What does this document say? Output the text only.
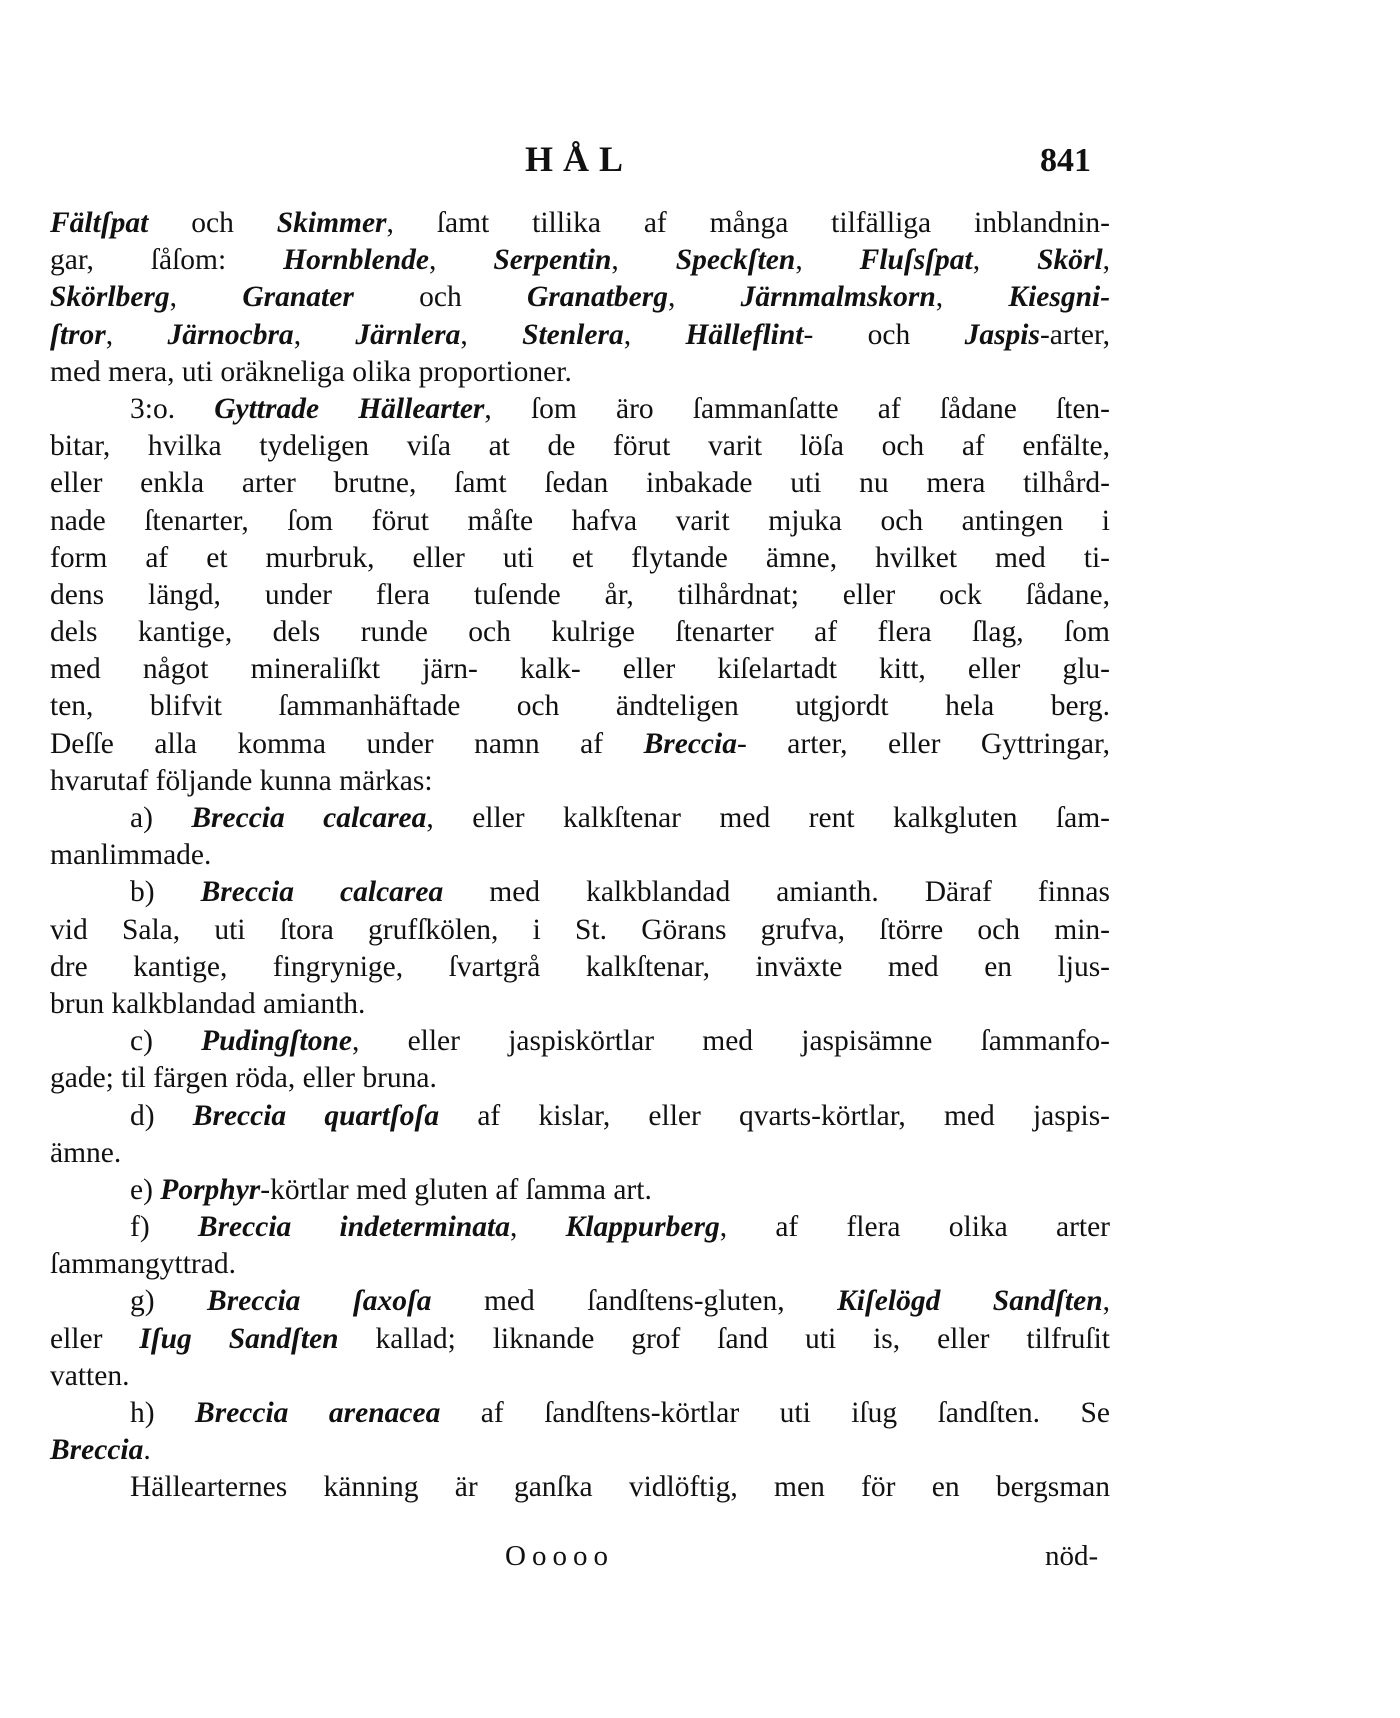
HÅL	841
Fältſpat och Skimmer, ſamt tillika af många tilfälliga inblandnin-
gar, ſåſom: Hornblende, Serpentin, Speckſten, Fluſsſpat, Skörl,
Skörlberg, Granater och Granatberg, Järnmalmskorn, Kiesgni-
ſtror, Järnocbra, Järnlera, Stenlera, Hälleflint- och Jaspis-arter,
med mera, uti oräkneliga olika proportioner.
3:o. Gyttrade Hällearter, ſom äro ſammanſatte af ſådane ſten-
bitar, hvilka tydeligen viſa at de förut varit löſa och af enfälte,
eller enkla arter brutne, ſamt ſedan inbakade uti nu mera tilhård-
nade ſtenarter, ſom förut måſte hafva varit mjuka och antingen i
form af et murbruk, eller uti et flytande ämne, hvilket med ti-
dens längd, under flera tuſende år, tilhårdnat; eller ock ſådane,
dels kantige, dels runde och kulrige ſtenarter af flera ſlag, ſom
med något mineraliſkt järn- kalk- eller kiſelartadt kitt, eller glu-
ten, blifvit ſammanhäftade och ändteligen utgjordt hela berg.
Deſſe alla komma under namn af Breccia- arter, eller Gyttringar,
hvarutaf följande kunna märkas:
a) Breccia calcarea, eller kalkſtenar med rent kalkgluten ſam-
manlimmade.
b) Breccia calcarea med kalkblandad amianth. Däraf finnas
vid Sala, uti ſtora grufſkölen, i St. Görans grufva, ſtörre och min-
dre kantige, fingrynige, ſvartgrå kalkſtenar, inväxte med en ljus-
brun kalkblandad amianth.
c) Pudingſtone, eller jaspiskörtlar med jaspisämne ſammanfo-
gade; til färgen röda, eller bruna.
d) Breccia quartſoſa af kislar, eller qvarts-körtlar, med jaspis-
ämne.
e) Porphyr-körtlar med gluten af ſamma art.
f) Breccia indeterminata, Klappurberg, af flera olika arter
ſammangyttrad.
g) Breccia ſaxoſa med ſandſtens-gluten, Kiſelögd Sandſten,
eller Iſug Sandſten kallad; liknande grof ſand uti is, eller tilfruſit
vatten.
h) Breccia arenacea af ſandſtens-körtlar uti iſug ſandſten. Se
Breccia.
Hällearternes känning är ganſka vidlöftig, men för en bergsman
Ooooo	nöd-
